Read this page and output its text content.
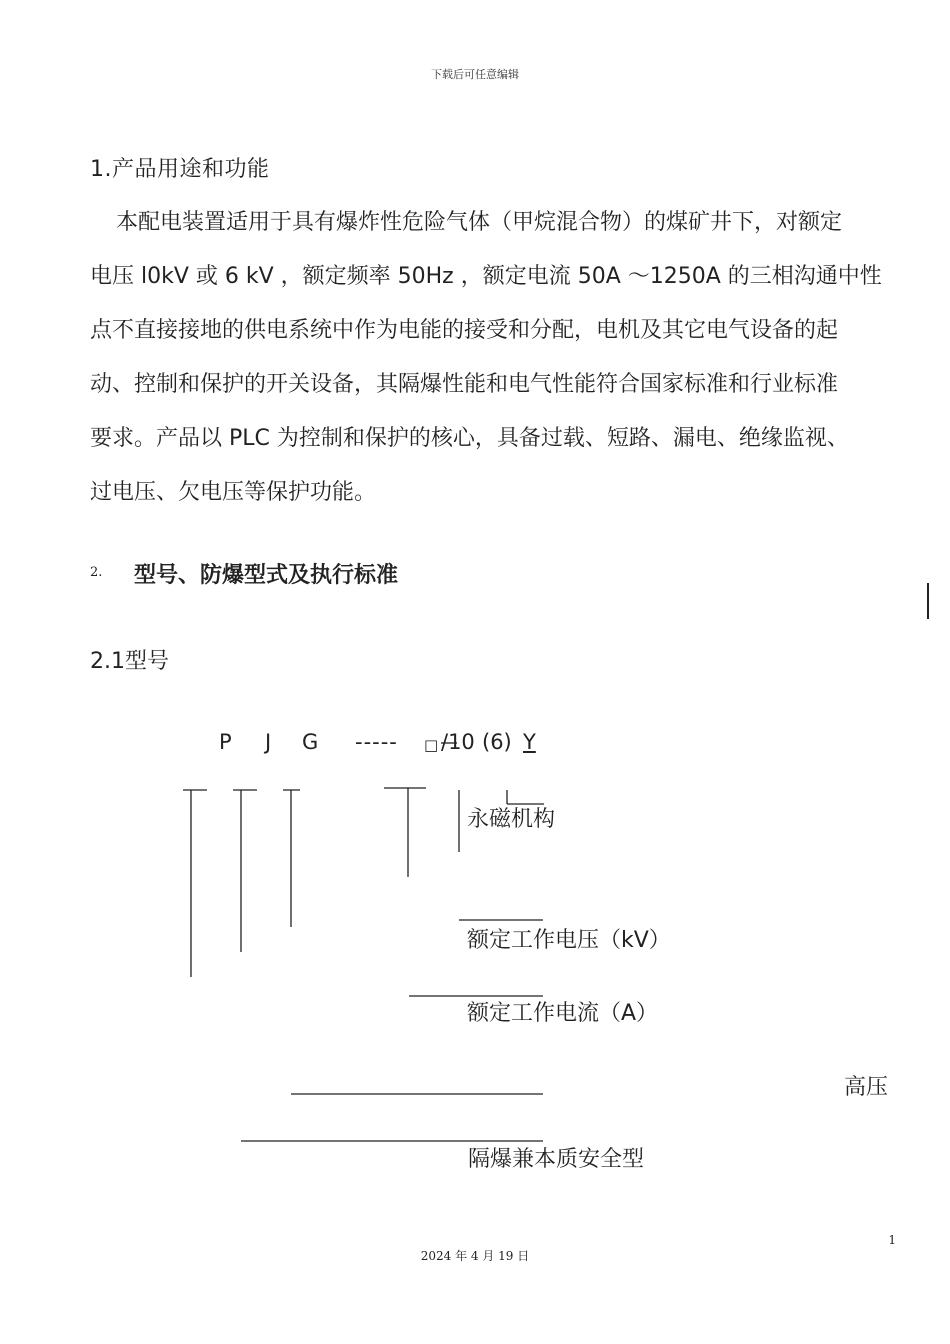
下载后可任意编辑
1.产品用途和功能
本配电装置适用于具有爆炸性危险气体（甲烷混合物）的煤矿井下，对额定
电压 l0kV 或 6 kV ，额定频率 50Hz ，额定电流 50A ～1250A 的三相沟通中性
点不直接接地的供电系统中作为电能的接受和分配，电机及其它电气设备的起
动、控制和保护的开关设备，其隔爆性能和电气性能符合国家标准和行业标准
要求。产品以 PLC 为控制和保护的核心，具备过载、短路、漏电、绝缘监视、
过电压、欠电压等保护功能。
2. 型号、防爆型式及执行标准
2.1型号
P J G ----- □ /10 (6) Y
永磁机构
额定工作电压（kV）
额定工作电流（A）
高压
隔爆兼本质安全型
1
2024 年 4 月 19 日
